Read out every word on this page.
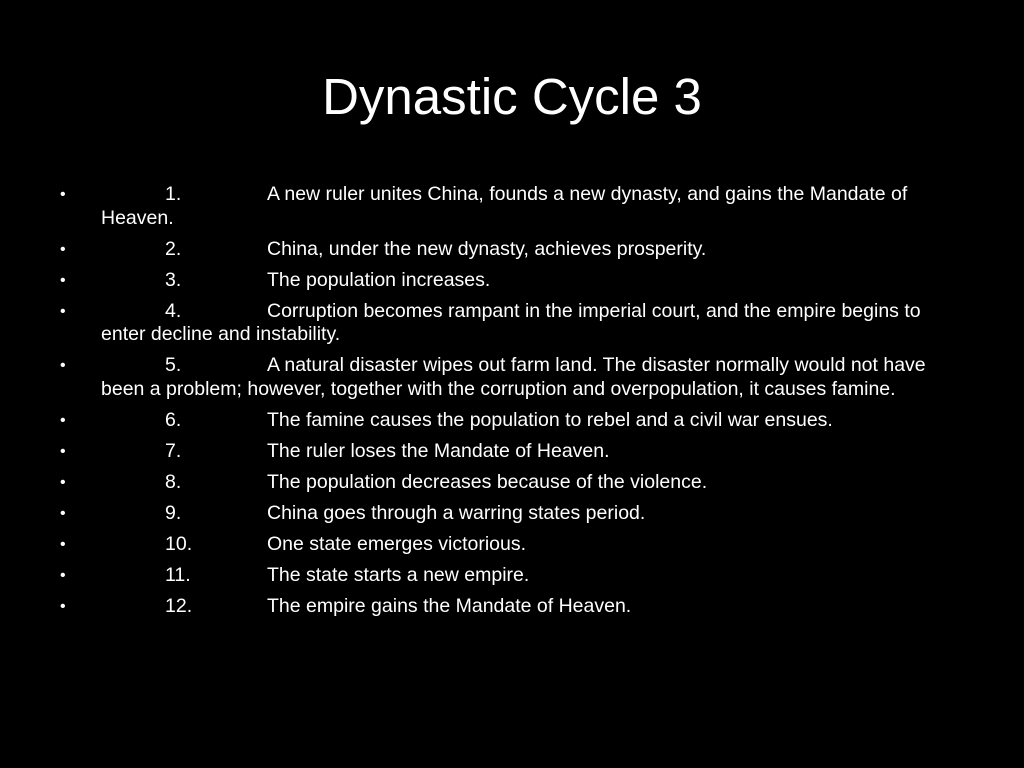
Dynastic Cycle 3
•	1.	A new ruler unites China, founds a new dynasty, and gains the Mandate of Heaven.
•	2.	China, under the new dynasty, achieves prosperity.
•	3.	The population increases.
•	4.	Corruption becomes rampant in the imperial court, and the empire begins to enter decline and instability.
•	5.	A natural disaster wipes out farm land. The disaster normally would not have been a problem; however, together with the corruption and overpopulation, it causes famine.
•	6.	The famine causes the population to rebel and a civil war ensues.
•	7.	The ruler loses the Mandate of Heaven.
•	8.	The population decreases because of the violence.
•	9.	China goes through a warring states period.
•	10.	One state emerges victorious.
•	11.	The state starts a new empire.
•	12.	The empire gains the Mandate of Heaven.
